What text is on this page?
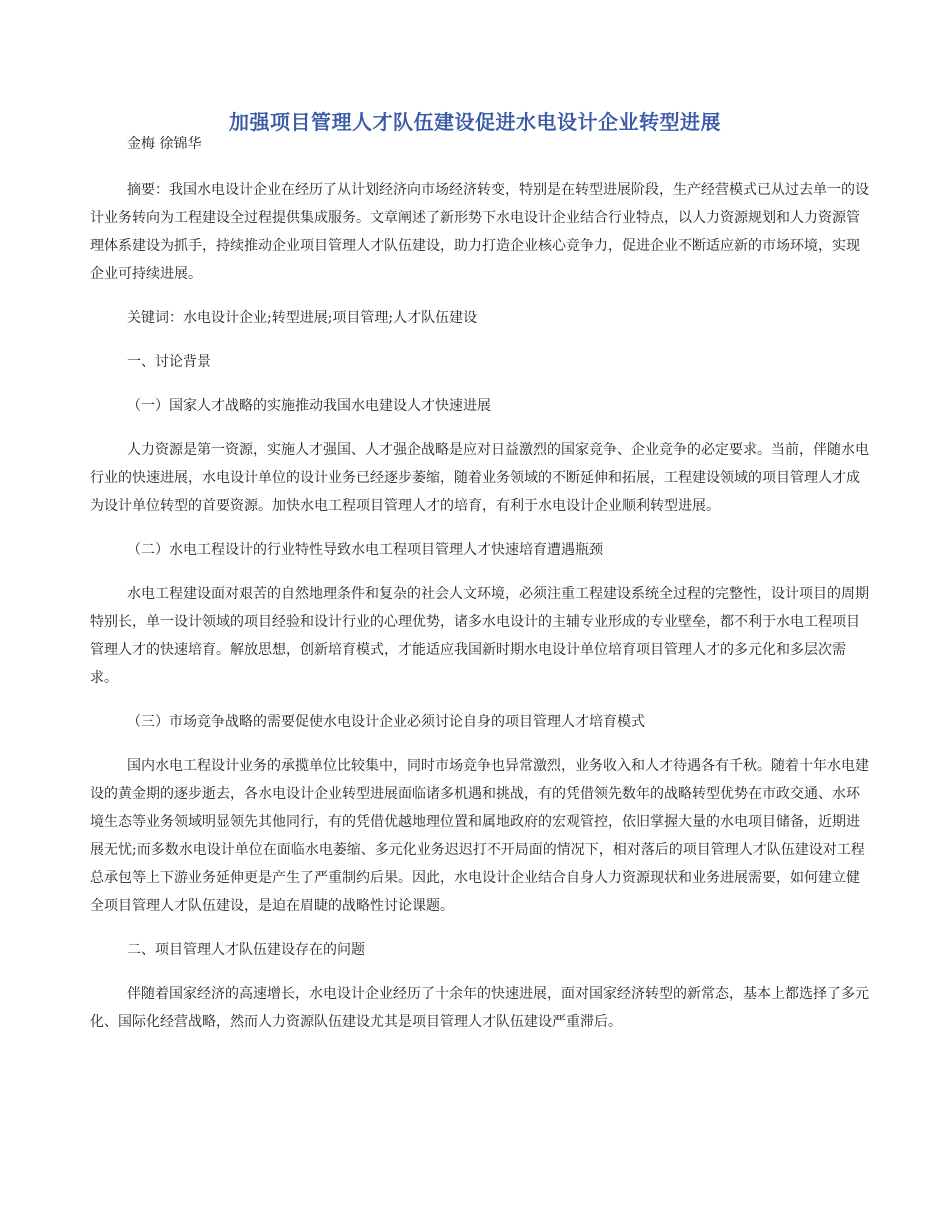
加强项目管理人才队伍建设促进水电设计企业转型进展
金梅 徐锦华

摘要：我国水电设计企业在经历了从计划经济向市场经济转变，特别是在转型进展阶段，生产经营模式已从过去单一的设计业务转向为工程建设全过程提供集成服务。文章阐述了新形势下水电设计企业结合行业特点，以人力资源规划和人力资源管理体系建设为抓手，持续推动企业项目管理人才队伍建设，助力打造企业核心竞争力，促进企业不断适应新的市场环境，实现企业可持续进展。

关键词：水电设计企业;转型进展;项目管理;人才队伍建设

一、讨论背景

（一）国家人才战略的实施推动我国水电建设人才快速进展

人力资源是第一资源，实施人才强国、人才强企战略是应对日益激烈的国家竞争、企业竞争的必定要求。当前，伴随水电行业的快速进展，水电设计单位的设计业务已经逐步萎缩，随着业务领域的不断延伸和拓展，工程建设领域的项目管理人才成为设计单位转型的首要资源。加快水电工程项目管理人才的培育，有利于水电设计企业顺利转型进展。

（二）水电工程设计的行业特性导致水电工程项目管理人才快速培育遭遇瓶颈

水电工程建设面对艰苦的自然地理条件和复杂的社会人文环境，必须注重工程建设系统全过程的完整性，设计项目的周期特别长，单一设计领域的项目经验和设计行业的心理优势，诸多水电设计的主辅专业形成的专业壁垒，都不利于水电工程项目管理人才的快速培育。解放思想，创新培育模式，才能适应我国新时期水电设计单位培育项目管理人才的多元化和多层次需求。

（三）市场竞争战略的需要促使水电设计企业必须讨论自身的项目管理人才培育模式

国内水电工程设计业务的承揽单位比较集中，同时市场竞争也异常激烈，业务收入和人才待遇各有千秋。随着十年水电建设的黄金期的逐步逝去，各水电设计企业转型进展面临诸多机遇和挑战，有的凭借领先数年的战略转型优势在市政交通、水环境生态等业务领域明显领先其他同行，有的凭借优越地理位置和属地政府的宏观管控，依旧掌握大量的水电项目储备，近期进展无忧;而多数水电设计单位在面临水电萎缩、多元化业务迟迟打不开局面的情况下，相对落后的项目管理人才队伍建设对工程总承包等上下游业务延伸更是产生了严重制约后果。因此，水电设计企业结合自身人力资源现状和业务进展需要，如何建立健全项目管理人才队伍建设，是迫在眉睫的战略性讨论课题。

二、项目管理人才队伍建设存在的问题

伴随着国家经济的高速增长，水电设计企业经历了十余年的快速进展，面对国家经济转型的新常态，基本上都选择了多元化、国际化经营战略，然而人力资源队伍建设尤其是项目管理人才队伍建设严重滞后。
